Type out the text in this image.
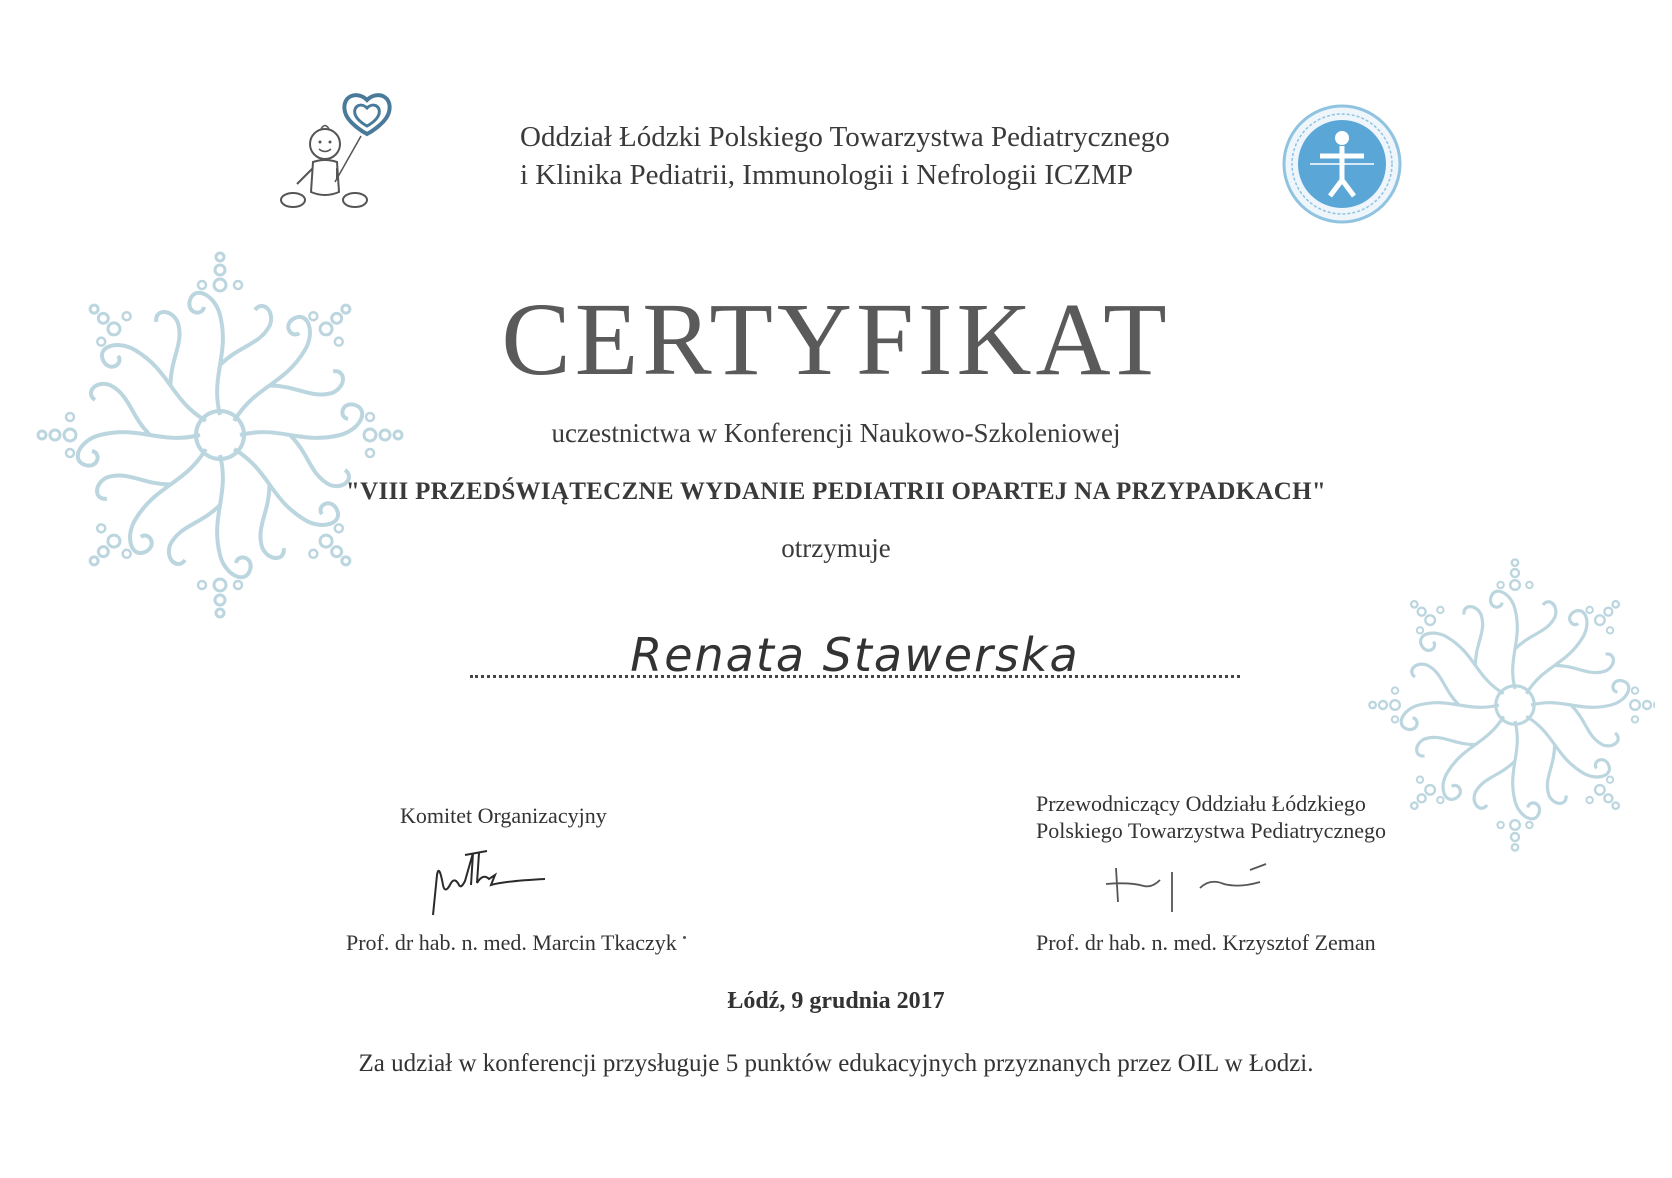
Oddział Łódzki Polskiego Towarzystwa Pediatrycznego
i Klinika Pediatrii, Immunologii i Nefrologii ICZMP
CERTYFIKAT
uczestnictwa w Konferencji Naukowo-Szkoleniowej
"VIII PRZEDŚWIĄTECZNE WYDANIE PEDIATRII OPARTEJ NA PRZYPADKACH"
otrzymuje
Renata Stawerska
Komitet Organizacyjny
Prof. dr hab. n. med. Marcin Tkaczyk
Przewodniczący Oddziału Łódzkiego
Polskiego Towarzystwa Pediatrycznego
Prof. dr hab. n. med. Krzysztof Zeman
Łódź, 9 grudnia 2017
Za udział w konferencji przysługuje 5 punktów edukacyjnych przyznanych przez OIL w Łodzi.
